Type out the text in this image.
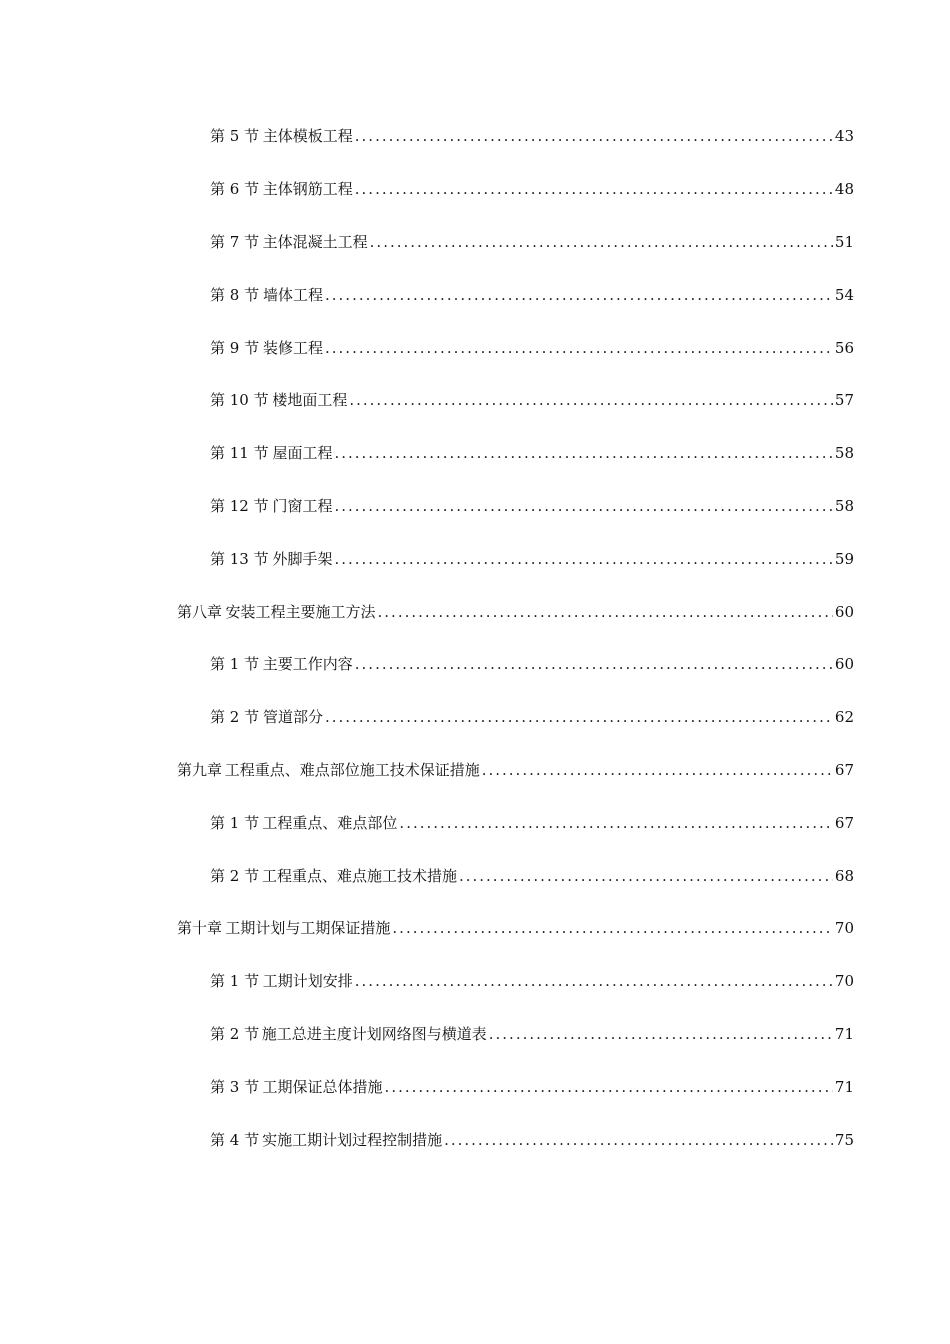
第 5 节 主体模板工程 .....	43
第 6 节 主体钢筋工程 .....	48
第 7 节 主体混凝土工程 .....	51
第 8 节 墙体工程 .....	54
第 9 节 装修工程 .....	56
第 10 节 楼地面工程 .....	57
第 11 节 屋面工程 .....	58
第 12 节 门窗工程 .....	58
第 13 节 外脚手架 .....	59
第八章 安装工程主要施工方法 .....	60
第 1 节 主要工作内容 .....	60
第 2 节 管道部分 .....	62
第九章 工程重点、难点部位施工技术保证措施 .....	67
第 1 节 工程重点、难点部位 .....	67
第 2 节 工程重点、难点施工技术措施 .....	68
第十章 工期计划与工期保证措施 .....	70
第 1 节 工期计划安排 .....	70
第 2 节 施工总进主度计划网络图与横道表 .....	71
第 3 节 工期保证总体措施 .....	71
第 4 节 实施工期计划过程控制措施 .....	75
